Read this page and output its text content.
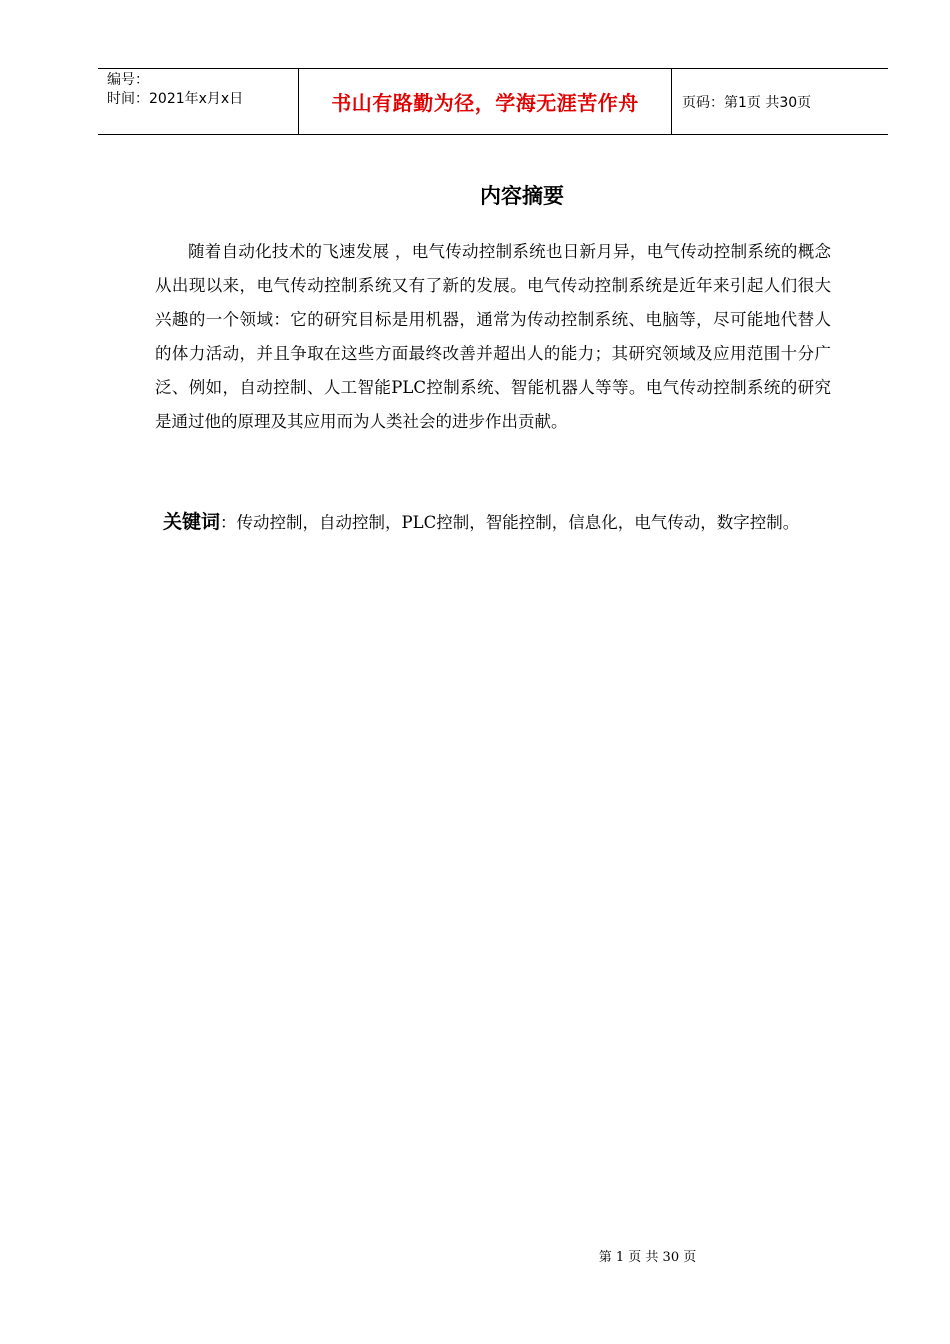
编号：
时间：2021年x月x日	书山有路勤为径，学海无涯苦作舟	页码：第1页 共30页
内容摘要

随着自动化技术的飞速发展 ，电气传动控制系统也日新月异，电气传动控制系统的概念从出现以来，电气传动控制系统又有了新的发展。电气传动控制系统是近年来引起人们很大兴趣的一个领域：它的研究目标是用机器，通常为传动控制系统、电脑等，尽可能地代替人的体力活动，并且争取在这些方面最终改善并超出人的能力；其研究领域及应用范围十分广泛、例如，自动控制、人工智能PLC控制系统、智能机器人等等。电气传动控制系统的研究是通过他的原理及其应用而为人类社会的进步作出贡献。

关键词：传动控制，自动控制，PLC控制，智能控制，信息化，电气传动，数字控制。

第 1 页 共 30 页
